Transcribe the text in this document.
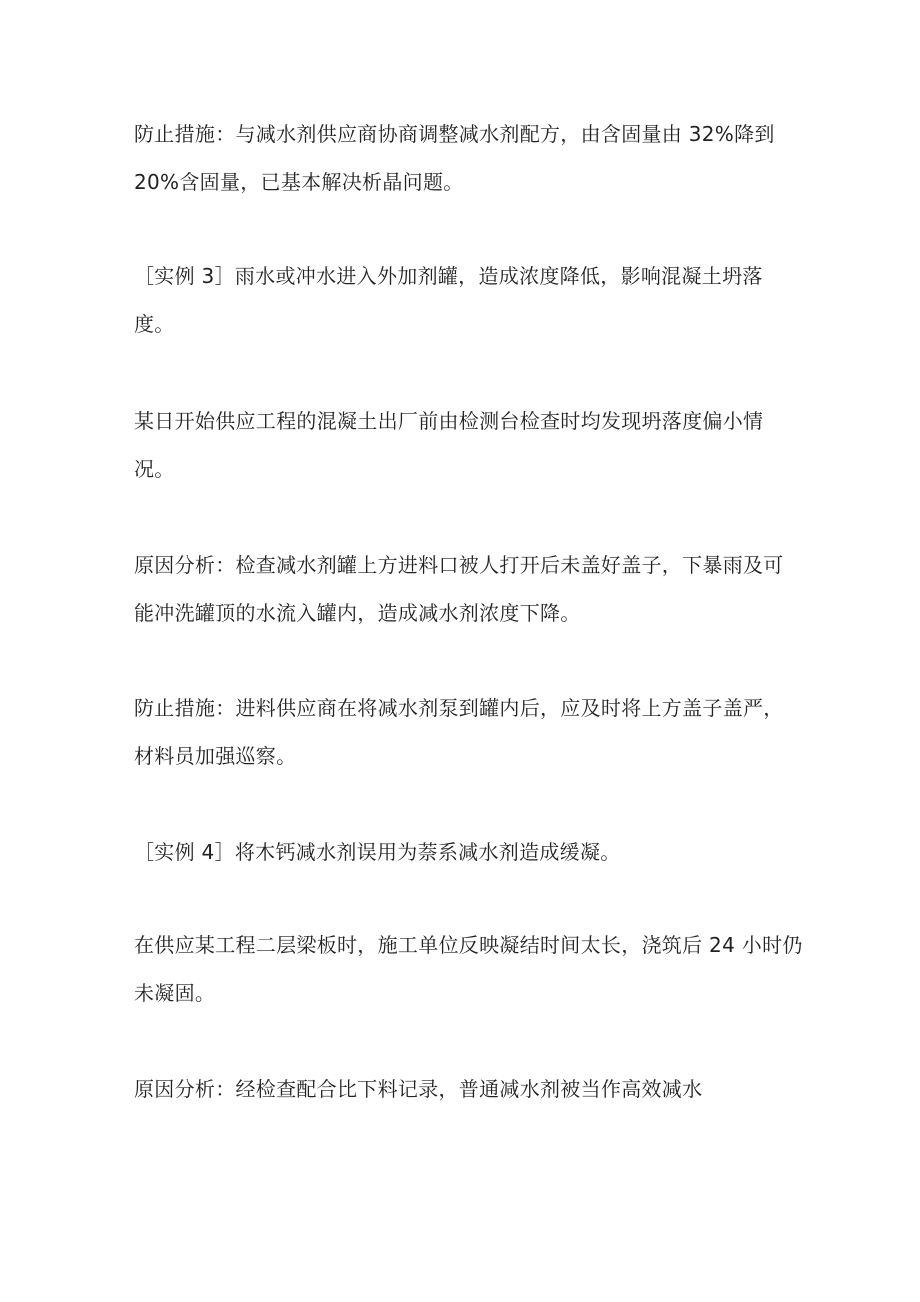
防止措施：与减水剂供应商协商调整减水剂配方，由含固量由 32%降到
20%含固量，已基本解决析晶问题。

［实例 3］雨水或冲水进入外加剂罐，造成浓度降低，影响混凝土坍落
度。

某日开始供应工程的混凝土出厂前由检测台检查时均发现坍落度偏小情
况。

原因分析：检查减水剂罐上方进料口被人打开后未盖好盖子，下暴雨及可
能冲洗罐顶的水流入罐内，造成减水剂浓度下降。

防止措施：进料供应商在将减水剂泵到罐内后，应及时将上方盖子盖严，
材料员加强巡察。

［实例 4］将木钙减水剂误用为萘系减水剂造成缓凝。

在供应某工程二层梁板时，施工单位反映凝结时间太长，浇筑后 24 小时仍
未凝固。

原因分析：经检查配合比下料记录，普通减水剂被当作高效减水
